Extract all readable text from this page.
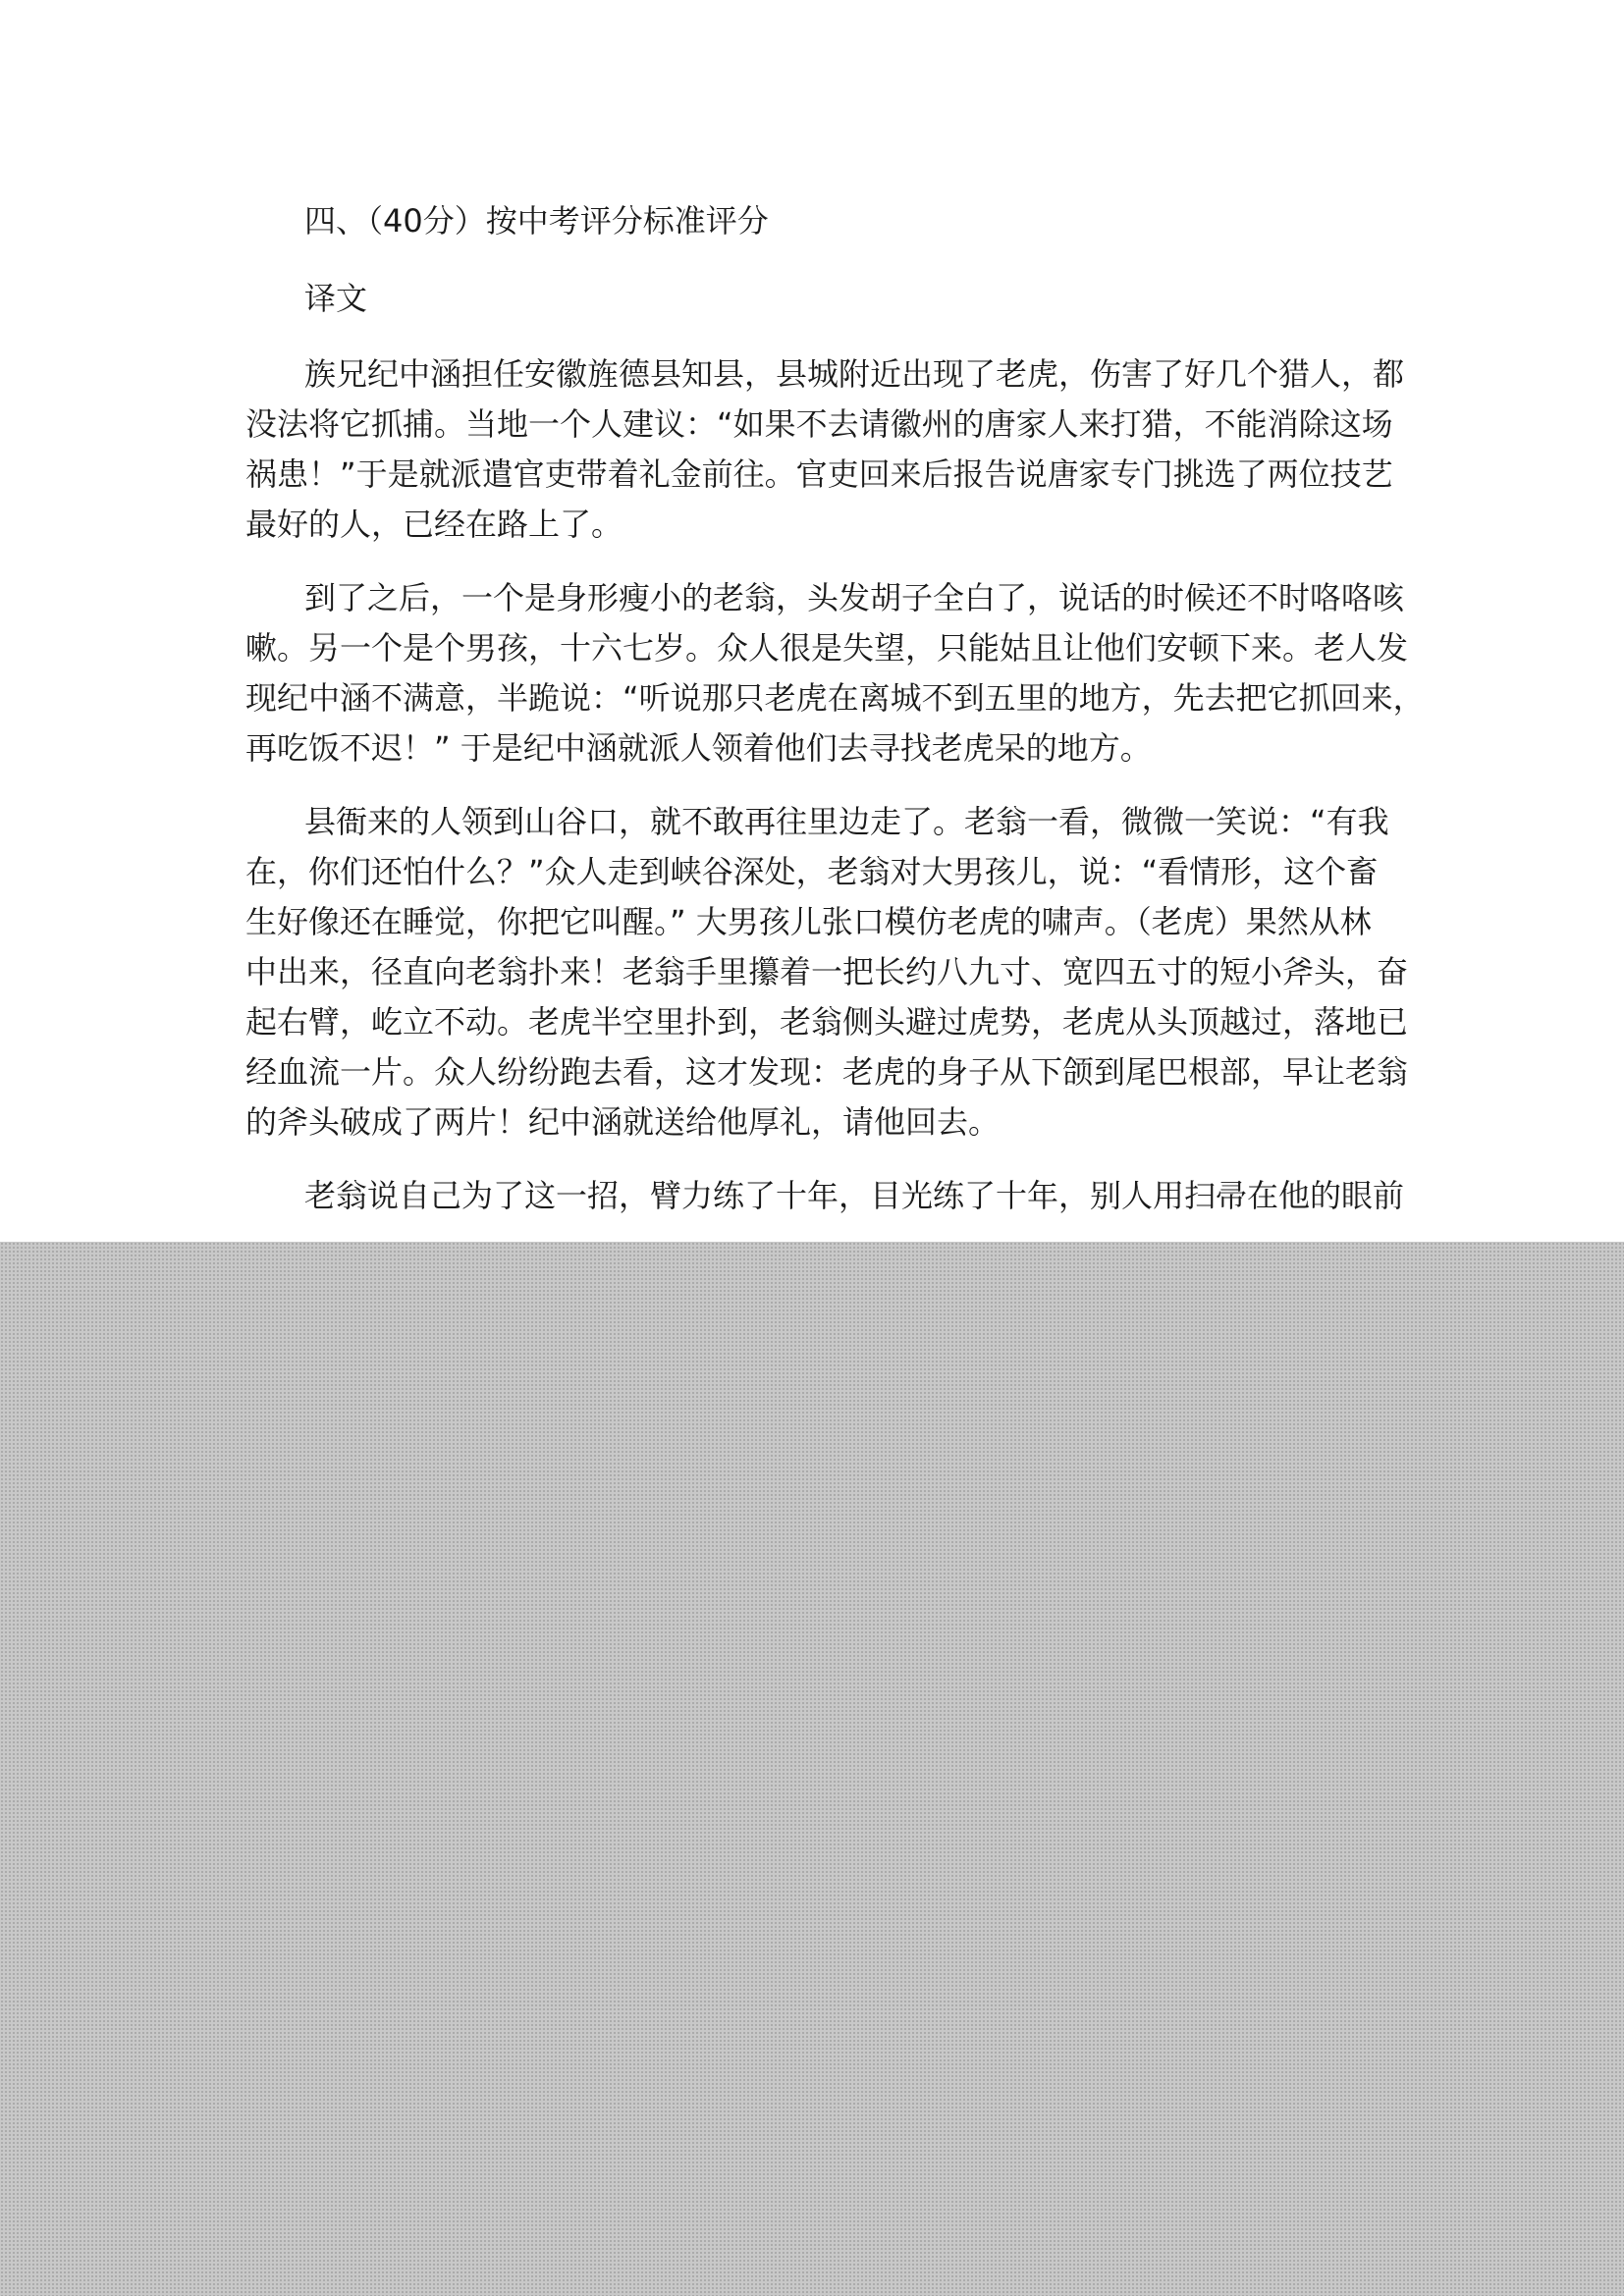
四、（40分）按中考评分标准评分
译文
族兄纪中涵担任安徽旌德县知县，县城附近出现了老虎，伤害了好几个猎人，都
没法将它抓捕。当地一个人建议：“如果不去请徽州的唐家人来打猎，不能消除这场
祸患！”于是就派遣官吏带着礼金前往。官吏回来后报告说唐家专门挑选了两位技艺
最好的人，已经在路上了。
到了之后，一个是身形瘦小的老翁，头发胡子全白了，说话的时候还不时咯咯咳
嗽。另一个是个男孩，十六七岁。众人很是失望，只能姑且让他们安顿下来。老人发
现纪中涵不满意，半跪说：“听说那只老虎在离城不到五里的地方，先去把它抓回来，
再吃饭不迟！” 于是纪中涵就派人领着他们去寻找老虎呆的地方。
县衙来的人领到山谷口，就不敢再往里边走了。老翁一看，微微一笑说：“有我
在，你们还怕什么？”众人走到峡谷深处，老翁对大男孩儿，说：“看情形，这个畜
生好像还在睡觉，你把它叫醒。” 大男孩儿张口模仿老虎的啸声。（老虎）果然从林
中出来，径直向老翁扑来！老翁手里攥着一把长约八九寸、宽四五寸的短小斧头，奋
起右臂，屹立不动。老虎半空里扑到，老翁侧头避过虎势，老虎从头顶越过，落地已
经血流一片。众人纷纷跑去看，这才发现：老虎的身子从下颌到尾巴根部，早让老翁
的斧头破成了两片！纪中涵就送给他厚礼，请他回去。
老翁说自己为了这一招，臂力练了十年，目光练了十年，别人用扫帚在他的眼前
